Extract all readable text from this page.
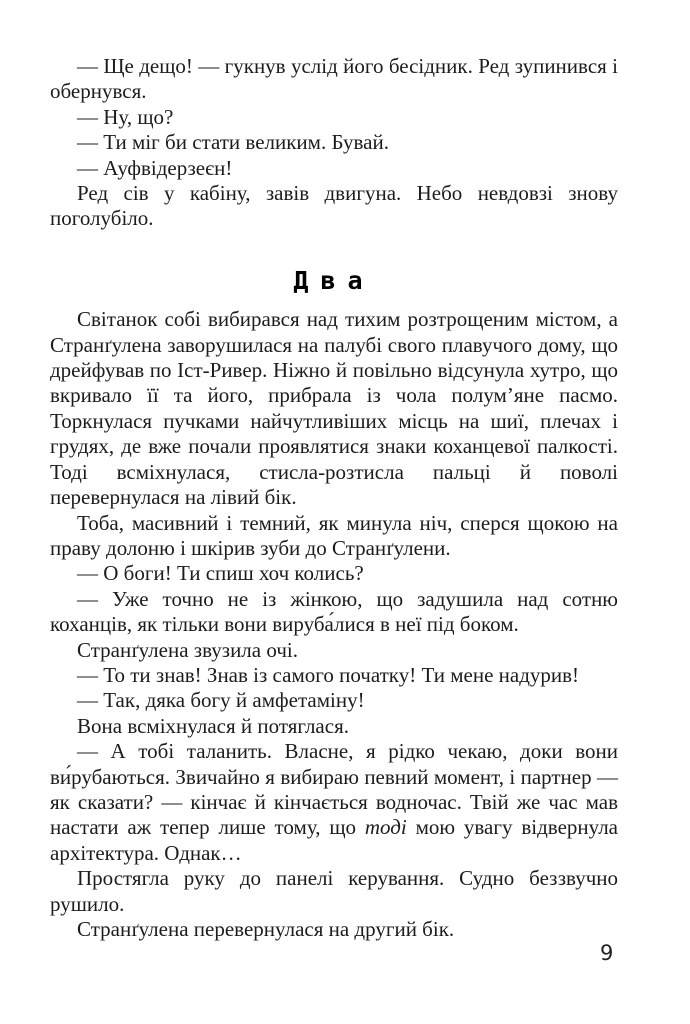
— Ще дещо! — гукнув услід його бесідник. Ред зупинився і обернувся.

— Ну, що?

— Ти міг би стати великим. Бувай.

— Ауфвідерзеєн!

Ред сів у кабіну, завів двигуна. Небо невдовзі знову поголубіло.

Два

Світанок собі вибирався над тихим розтрощеним містом, а Странґулена заворушилася на палубі свого плавучого дому, що дрейфував по Іст-Ривер. Ніжно й повільно відсунула хутро, що вкривало її та його, прибрала із чола полум’яне пасмо. Торкнулася пучками найчутливіших місць на шиї, плечах і грудях, де вже почали проявлятися знаки коханцевої палкості. Тоді всміхнулася, стисла-розтисла пальці й поволі перевернулася на лівий бік.

Тоба, масивний і темний, як минула ніч, сперся щокою на праву долоню і шкірив зуби до Странґулени.

— О боги! Ти спиш хоч колись?

— Уже точно не із жінкою, що задушила над сотню коханців, як тільки вони вируба́лися в неї під боком.

Странґулена звузила очі.

— То ти знав! Знав із самого початку! Ти мене надурив!

— Так, дяка богу й амфетаміну!

Вона всміхнулася й потяглася.

— А тобі таланить. Власне, я рідко чекаю, доки вони ви́рубаються. Звичайно я вибираю певний момент, і партнер — як сказати? — кінчає й кінчається водночас. Твій же час мав настати аж тепер лише тому, що тоді мою увагу відвернула архітектура. Однак…

Простягла руку до панелі керування. Судно беззвучно рушило.

Странґулена перевернулася на другий бік.

9
